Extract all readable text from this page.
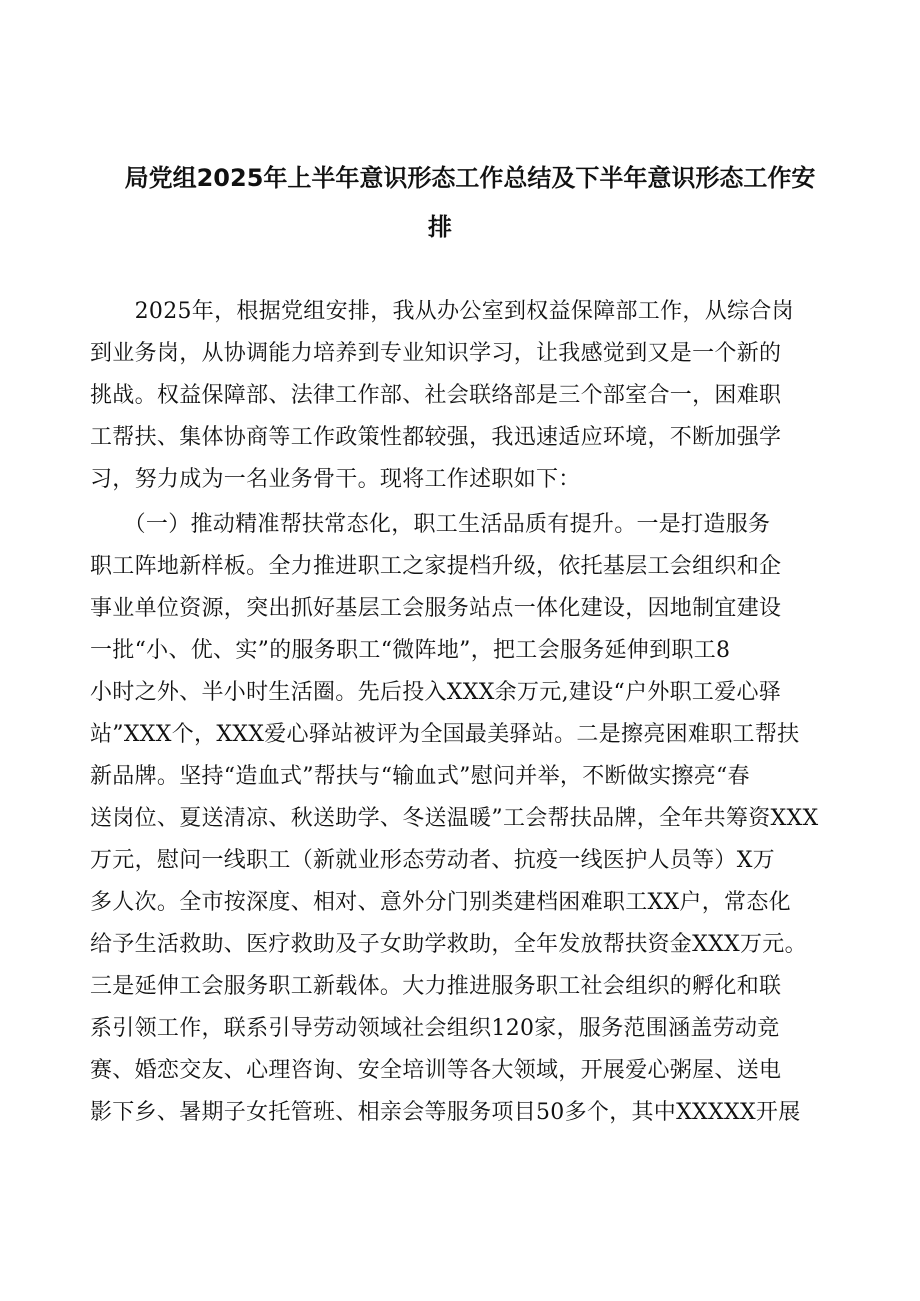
局党组2025年上半年意识形态工作总结及下半年意识形态工作安
排
　　2025年，根据党组安排，我从办公室到权益保障部工作，从综合岗
到业务岗，从协调能力培养到专业知识学习，让我感觉到又是一个新的
挑战。权益保障部、法律工作部、社会联络部是三个部室合一，困难职
工帮扶、集体协商等工作政策性都较强，我迅速适应环境，不断加强学
习，努力成为一名业务骨干。现将工作述职如下：
　　（一）推动精准帮扶常态化，职工生活品质有提升。一是打造服务
职工阵地新样板。全力推进职工之家提档升级，依托基层工会组织和企
事业单位资源，突出抓好基层工会服务站点一体化建设，因地制宜建设
一批“小、优、实”的服务职工“微阵地”，把工会服务延伸到职工8
小时之外、半小时生活圈。先后投入XXX余万元,建设“户外职工爱心驿
站”XXX个，XXX爱心驿站被评为全国最美驿站。二是擦亮困难职工帮扶
新品牌。坚持“造血式”帮扶与“输血式”慰问并举，不断做实擦亮“春
送岗位、夏送清凉、秋送助学、冬送温暖”工会帮扶品牌，全年共筹资XXX
万元，慰问一线职工（新就业形态劳动者、抗疫一线医护人员等）X万
多人次。全市按深度、相对、意外分门别类建档困难职工XX户，常态化
给予生活救助、医疗救助及子女助学救助，全年发放帮扶资金XXX万元。
三是延伸工会服务职工新载体。大力推进服务职工社会组织的孵化和联
系引领工作，联系引导劳动领域社会组织120家，服务范围涵盖劳动竞
赛、婚恋交友、心理咨询、安全培训等各大领域，开展爱心粥屋、送电
影下乡、暑期子女托管班、相亲会等服务项目50多个，其中XXXXX开展
